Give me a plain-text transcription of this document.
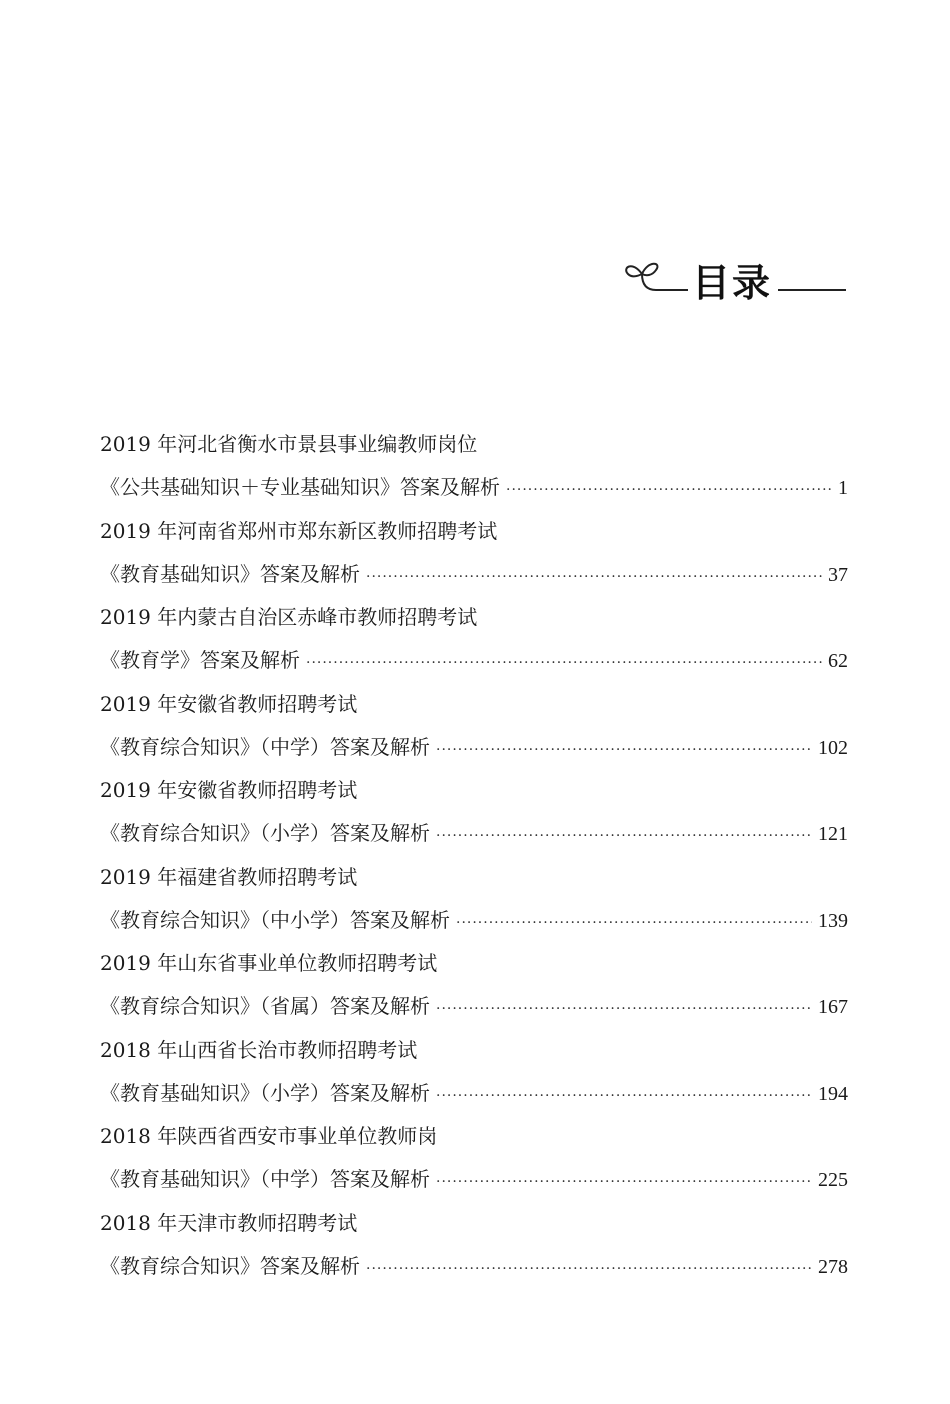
目录
2019 年河北省衡水市景县事业编教师岗位
《公共基础知识＋专业基础知识》答案及解析 ·····	1
2019 年河南省郑州市郑东新区教师招聘考试
《教育基础知识》答案及解析 ·····	37
2019 年内蒙古自治区赤峰市教师招聘考试
《教育学》答案及解析 ·····	62
2019 年安徽省教师招聘考试
《教育综合知识》（中学）答案及解析 ·····	102
2019 年安徽省教师招聘考试
《教育综合知识》（小学）答案及解析 ·····	121
2019 年福建省教师招聘考试
《教育综合知识》（中小学）答案及解析 ·····	139
2019 年山东省事业单位教师招聘考试
《教育综合知识》（省属）答案及解析 ·····	167
2018 年山西省长治市教师招聘考试
《教育基础知识》（小学）答案及解析 ·····	194
2018 年陕西省西安市事业单位教师岗
《教育基础知识》（中学）答案及解析 ·····	225
2018 年天津市教师招聘考试
《教育综合知识》答案及解析 ·····	278
